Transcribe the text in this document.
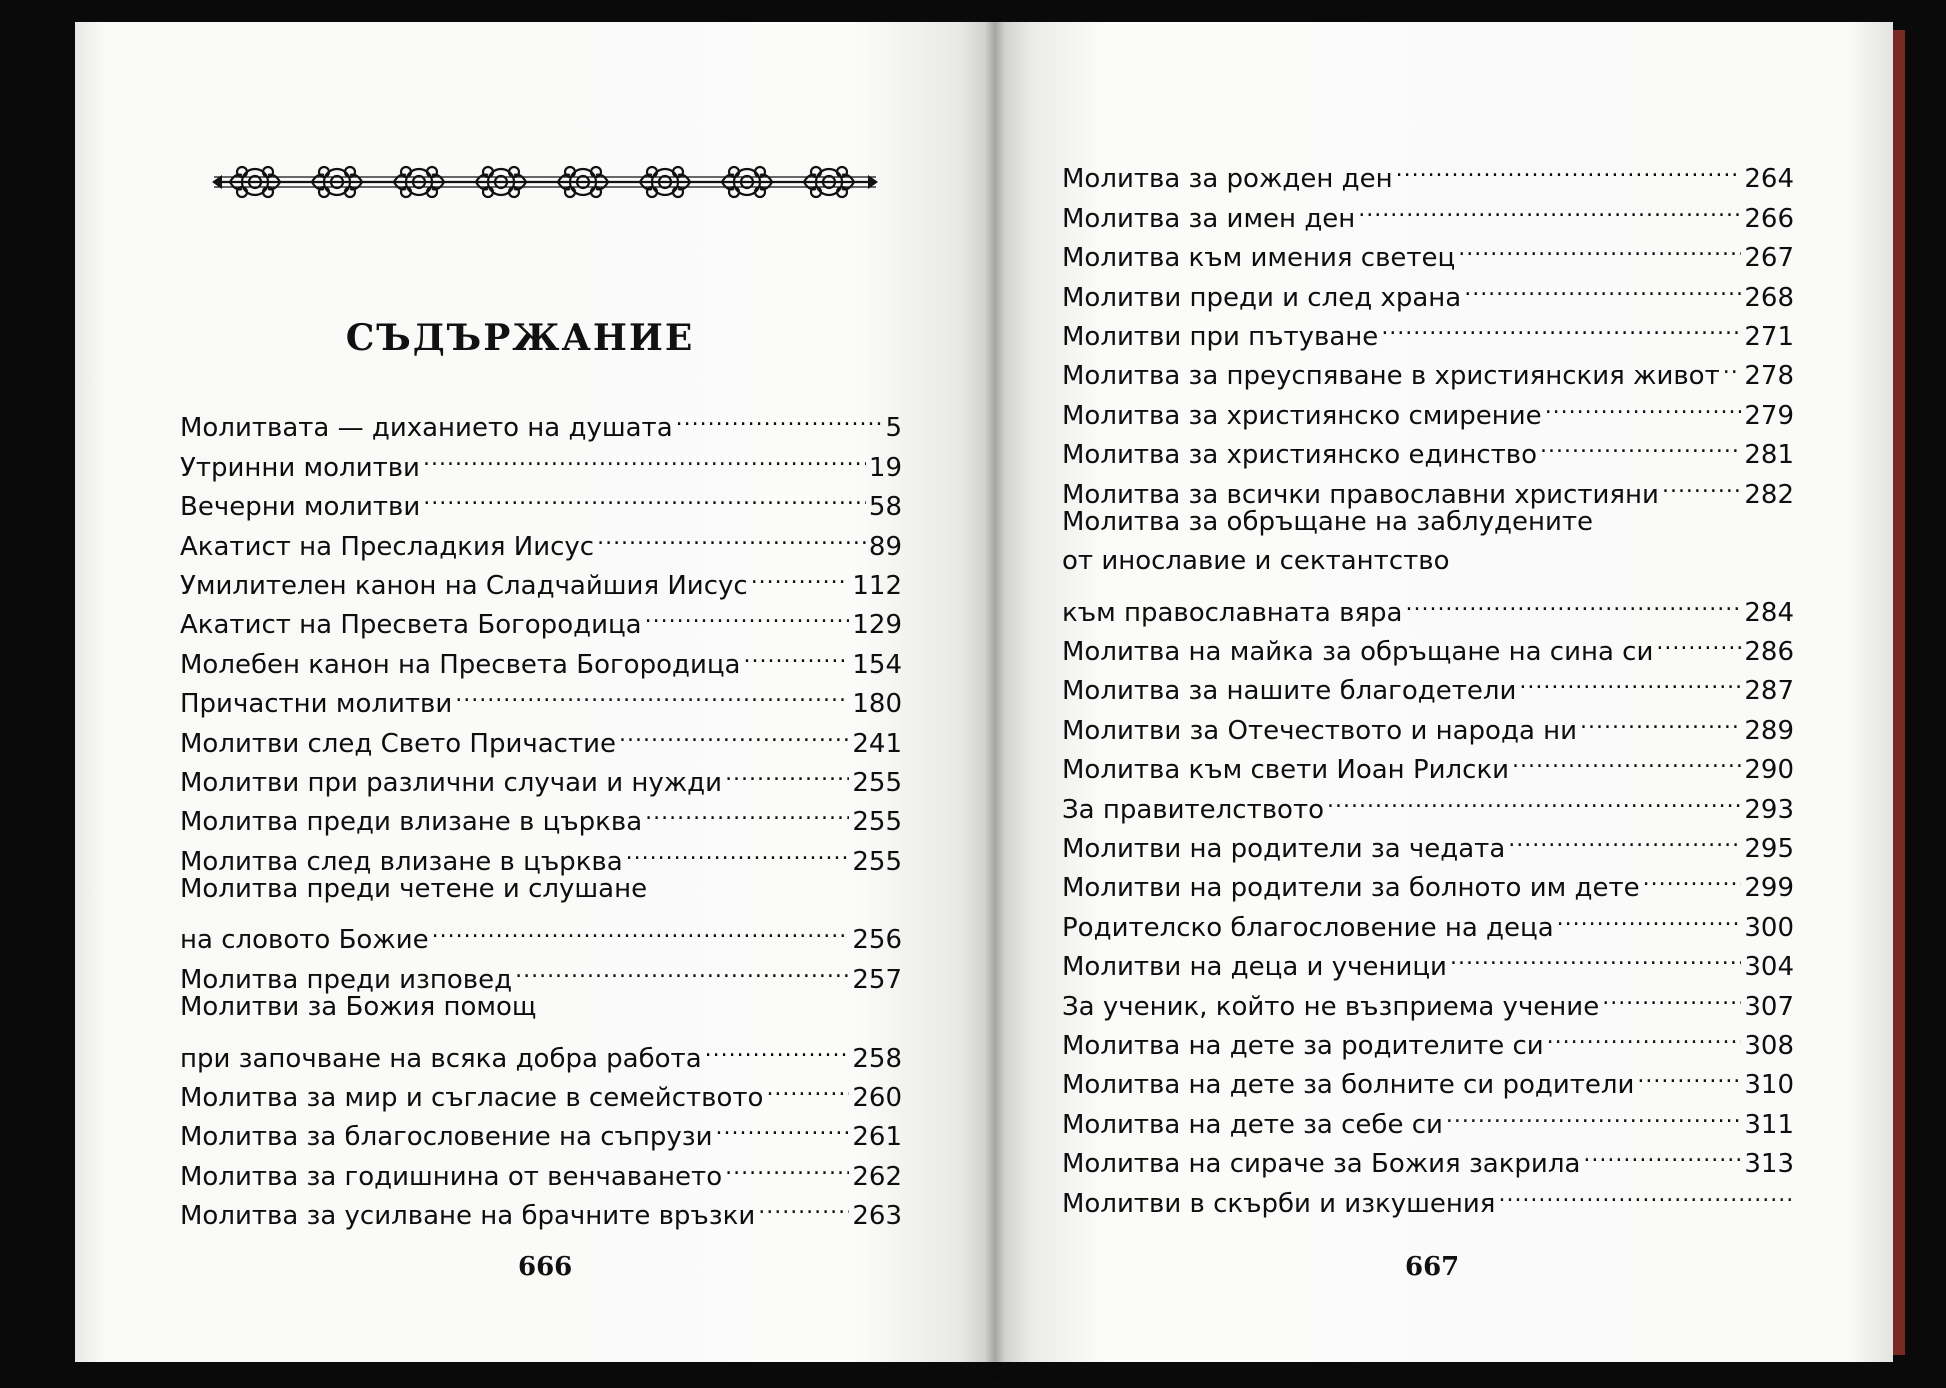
СЪДЪРЖАНИЕ
Молитвата — диханието на душата .....	5
Утринни молитви .....	19
Вечерни молитви .....	58
Акатист на Пресладкия Иисус .....	89
Умилителен канон на Сладчайшия Иисус .....	112
Акатист на Пресвета Богородица .....	129
Молебен канон на Пресвета Богородица .....	154
Причастни молитви .....	180
Молитви след Свето Причастие .....	241
Молитви при различни случаи и нужди .....	255
Молитва преди влизане в църква .....	255
Молитва след влизане в църква .....	255
Молитва преди четене и слушане
на словото Божие .....	256
Молитва преди изповед .....	257
Молитви за Божия помощ
при започване на всяка добра работа .....	258
Молитва за мир и съгласие в семейството .....	260
Молитва за благословение на съпрузи .....	261
Молитва за годишнина от венчаването .....	262
Молитва за усилване на брачните връзки .....	263
Молитва за рожден ден .....	264
Молитва за имен ден .....	266
Молитва към имения светец .....	267
Молитви преди и след храна .....	268
Молитви при пътуване .....	271
Молитва за преуспяване в християнския живот ..... 278
Молитва за християнско смирение .....	279
Молитва за християнско единство .....	281
Молитва за всички православни християни .....	282
Молитва за обръщане на заблудените
от инославие и сектантство
към православната вяра .....	284
Молитва на майка за обръщане на сина си .....	286
Молитва за нашите благодетели .....	287
Молитви за Отечеството и народа ни .....	289
Молитва към свети Иоан Рилски .....	290
За правителството .....	293
Молитви на родители за чедата .....	295
Молитви на родители за болното им дете .....	299
Родителско благословение на деца .....	300
Молитви на деца и ученици .....	304
За ученик, който не възприема учение .....	307
Молитва на дете за родителите си .....	308
Молитва на дете за болните си родители .....	310
Молитва на дете за себе си .....	311
Молитва на сираче за Божия закрила .....	313
Молитви в скърби и изкушения
.....
666	667
